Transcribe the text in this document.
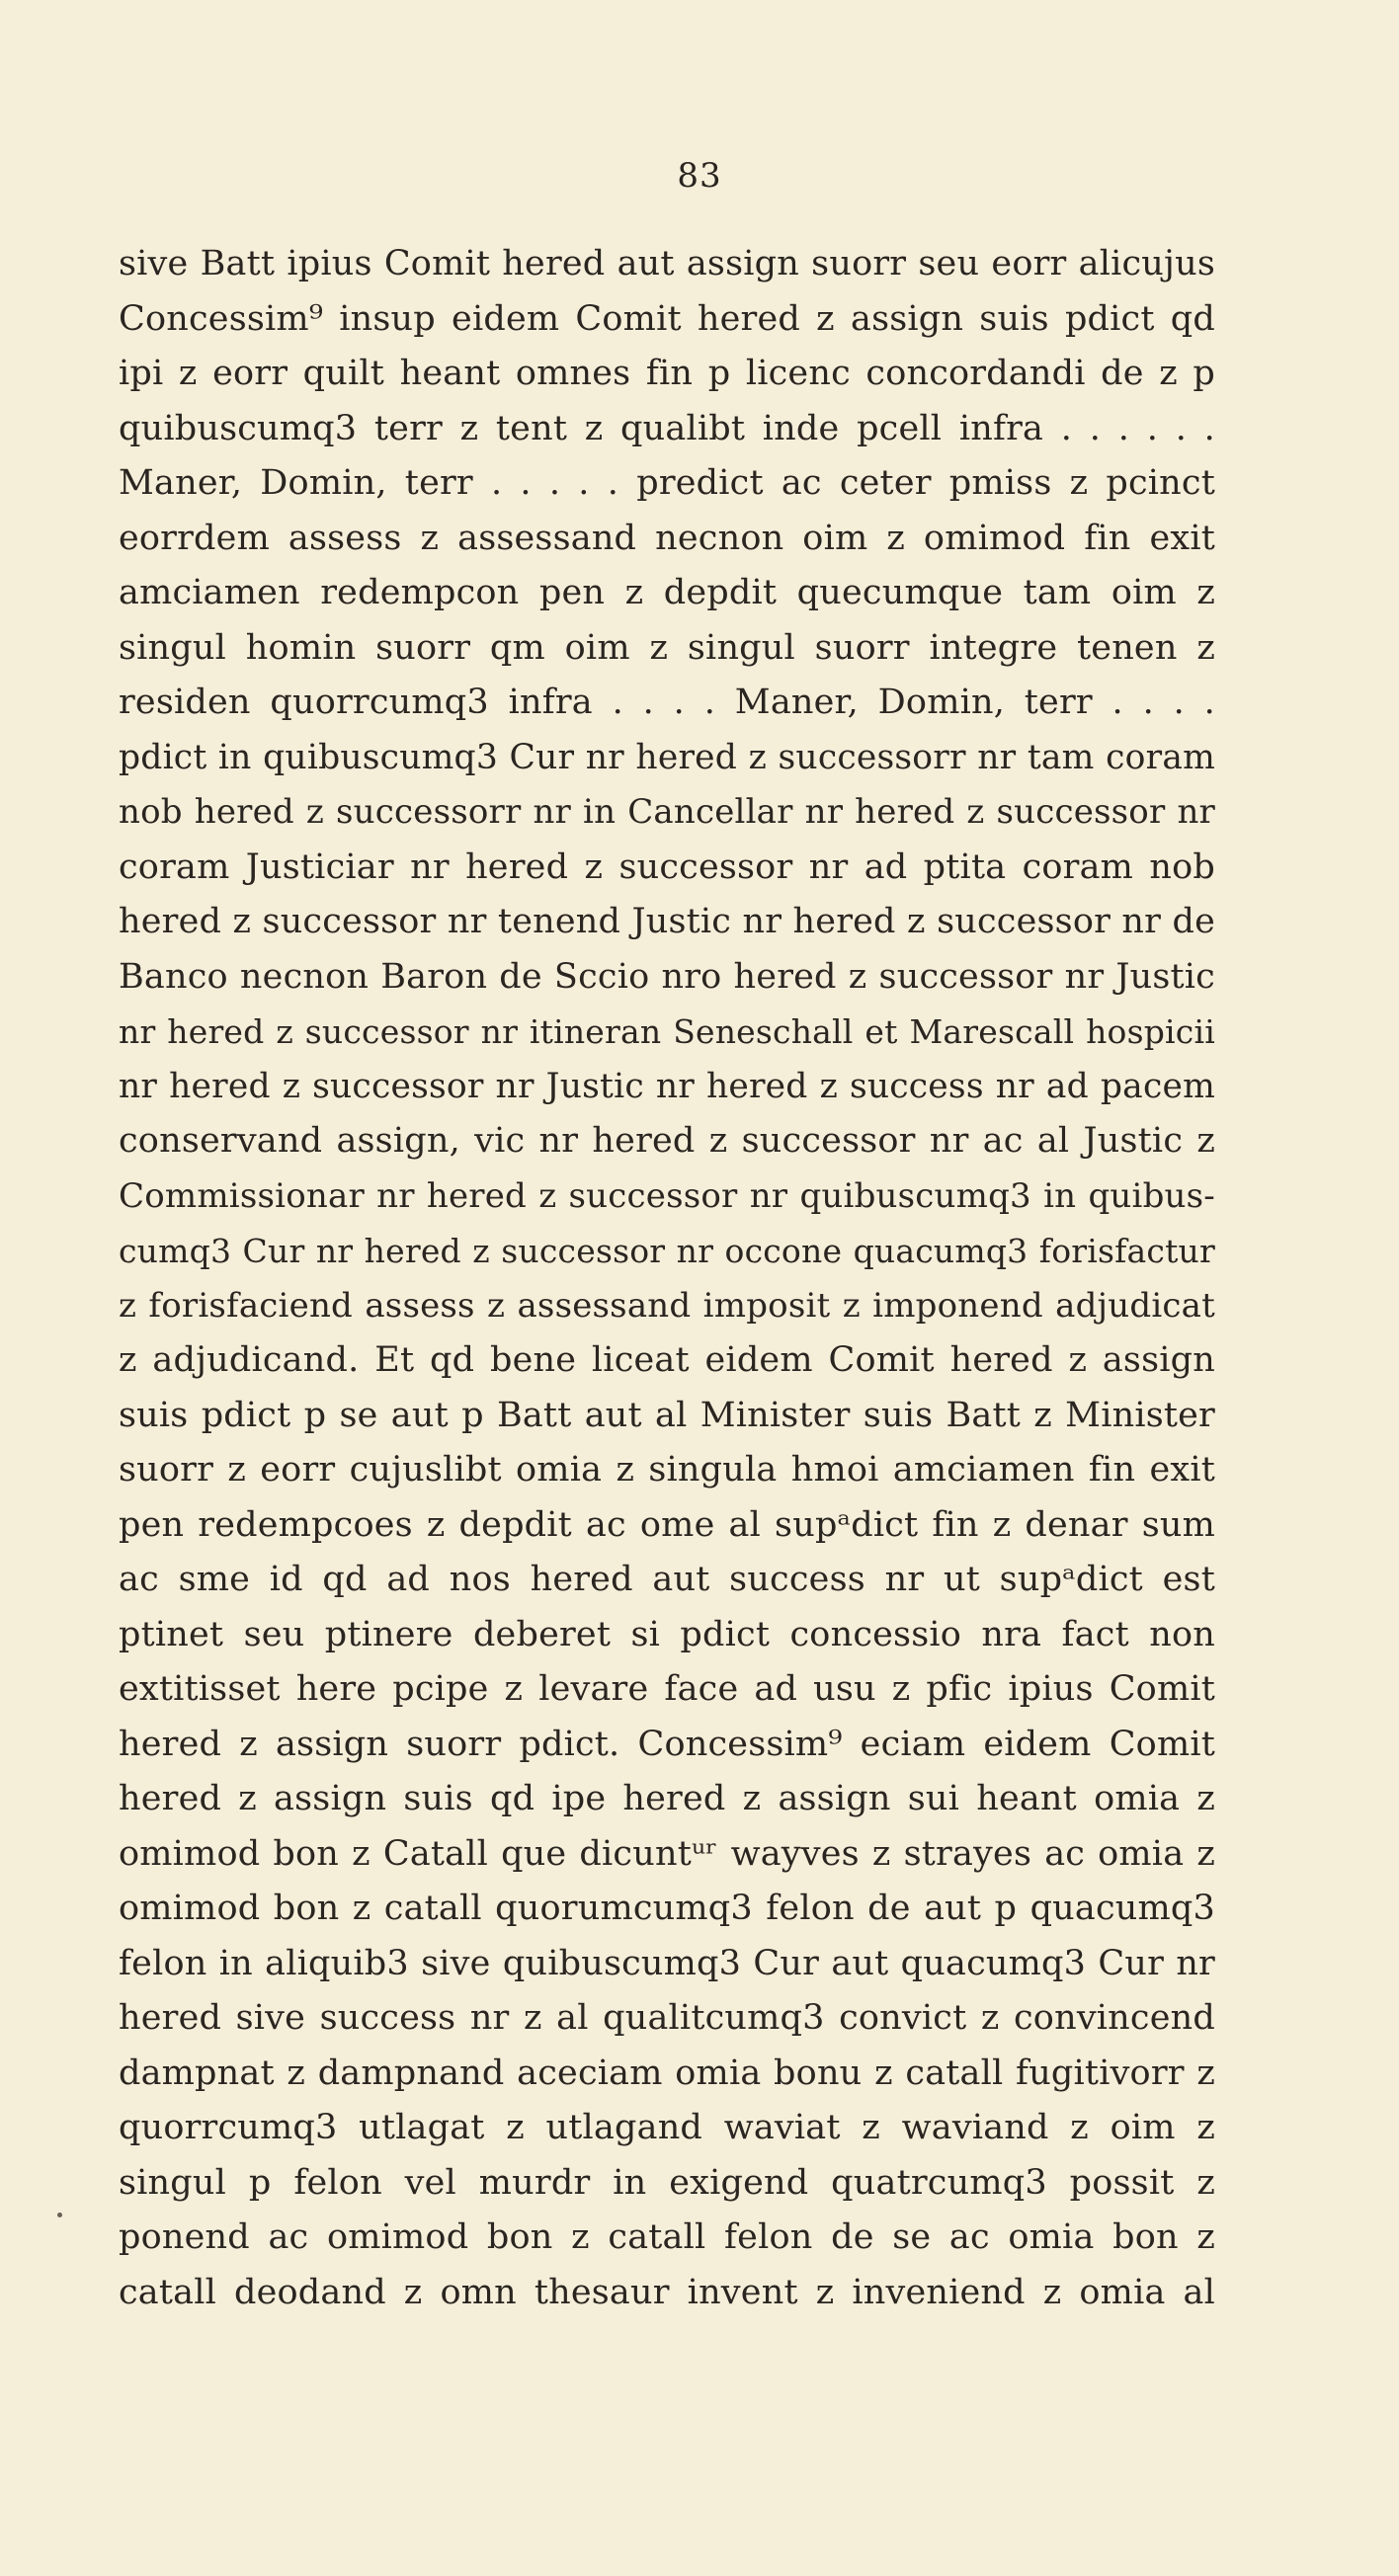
83
sive Batt ipius Comit hered aut assign suorr seu eorr alicujus
Concessim⁹ insup eidem Comit hered z assign suis pdict qd
ipi z eorr quilt heant omnes fin p licenc concordandi de z p
quibuscumq3 terr z tent z qualibt inde pcell infra . . . . . .
Maner, Domin, terr . . . . . predict ac ceter pmiss z pcinct
eorrdem assess z assessand necnon oim z omimod fin exit
amciamen redempcon pen z depdit quecumque tam oim z
singul homin suorr qm oim z singul suorr integre tenen z
residen quorrcumq3 infra . . . . Maner, Domin, terr . . . .
pdict in quibuscumq3 Cur nr hered z successorr nr tam coram
nob hered z successorr nr in Cancellar nr hered z successor nr
coram Justiciar nr hered z successor nr ad ptita coram nob
hered z successor nr tenend Justic nr hered z successor nr de
Banco necnon Baron de Sccio nro hered z successor nr Justic
nr hered z successor nr itineran Seneschall et Marescall hospicii
nr hered z successor nr Justic nr hered z success nr ad pacem
conservand assign, vic nr hered z successor nr ac al Justic z
Commissionar nr hered z successor nr quibuscumq3 in quibus-
cumq3 Cur nr hered z successor nr occone quacumq3 forisfactur
z forisfaciend assess z assessand imposit z imponend adjudicat
z adjudicand. Et qd bene liceat eidem Comit hered z assign
suis pdict p se aut p Batt aut al Minister suis Batt z Minister
suorr z eorr cujuslibt omia z singula hmoi amciamen fin exit
pen redempcoes z depdit ac ome al supᵃdict fin z denar sum
ac sme id qd ad nos hered aut success nr ut supᵃdict est
ptinet seu ptinere deberet si pdict concessio nra fact non
extitisset here pcipe z levare face ad usu z pfic ipius Comit
hered z assign suorr pdict. Concessim⁹ eciam eidem Comit
hered z assign suis qd ipe hered z assign sui heant omia z
omimod bon z Catall que dicuntᵘʳ wayves z strayes ac omia z
omimod bon z catall quorumcumq3 felon de aut p quacumq3
felon in aliquib3 sive quibuscumq3 Cur aut quacumq3 Cur nr
hered sive success nr z al qualitcumq3 convict z convincend
dampnat z dampnand aceciam omia bonu z catall fugitivorr z
quorrcumq3 utlagat z utlagand waviat z waviand z oim z
singul p felon vel murdr in exigend quatrcumq3 possit z
ponend ac omimod bon z catall felon de se ac omia bon z
catall deodand z omn thesaur invent z inveniend z omia al
